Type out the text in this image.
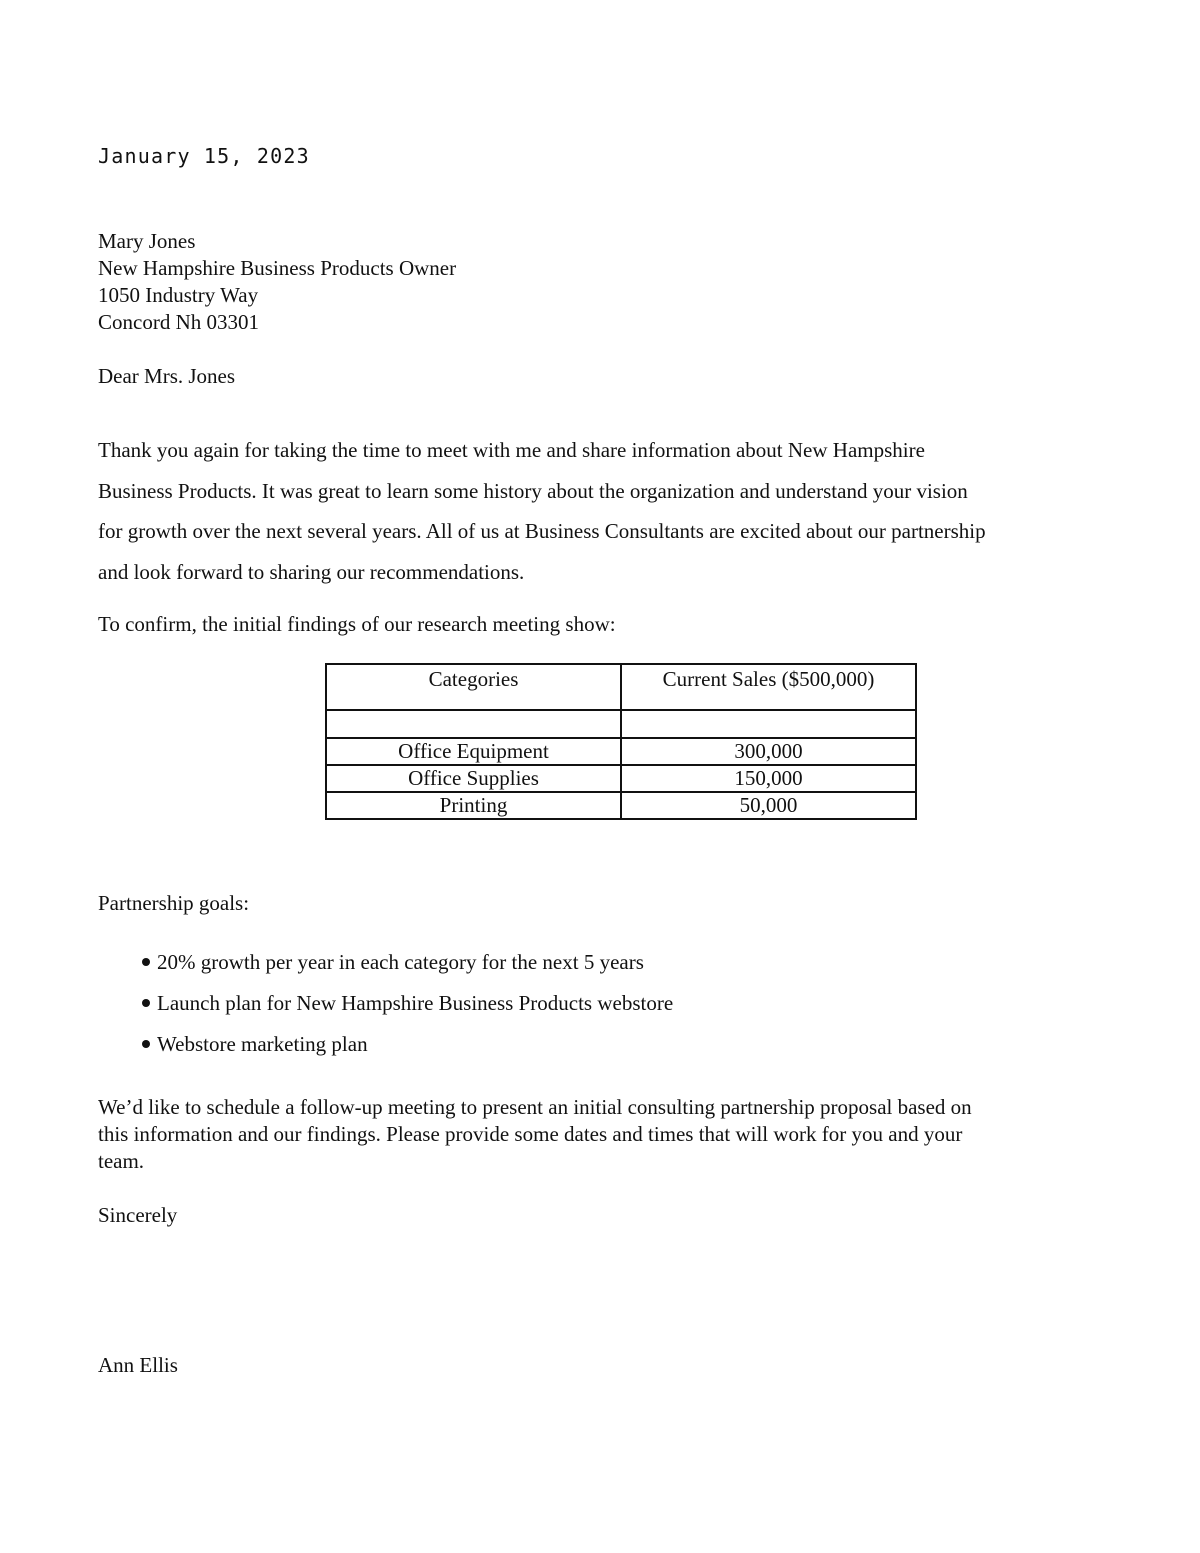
January 15, 2023
Mary Jones
New Hampshire Business Products Owner
1050 Industry Way
Concord Nh 03301
Dear Mrs. Jones
Thank you again for taking the time to meet with me and share information about New Hampshire
Business Products. It was great to learn some history about the organization and understand your vision
for growth over the next several years. All of us at Business Consultants are excited about our partnership
and look forward to sharing our recommendations.
To confirm, the initial findings of our research meeting show:
Categories	Current Sales ($500,000)

Office Equipment	300,000
Office Supplies	150,000
Printing	50,000
Partnership goals:
20% growth per year in each category for the next 5 years
Launch plan for New Hampshire Business Products webstore
Webstore marketing plan
We’d like to schedule a follow-up meeting to present an initial consulting partnership proposal based on
this information and our findings. Please provide some dates and times that will work for you and your
team.
Sincerely
Ann Ellis
